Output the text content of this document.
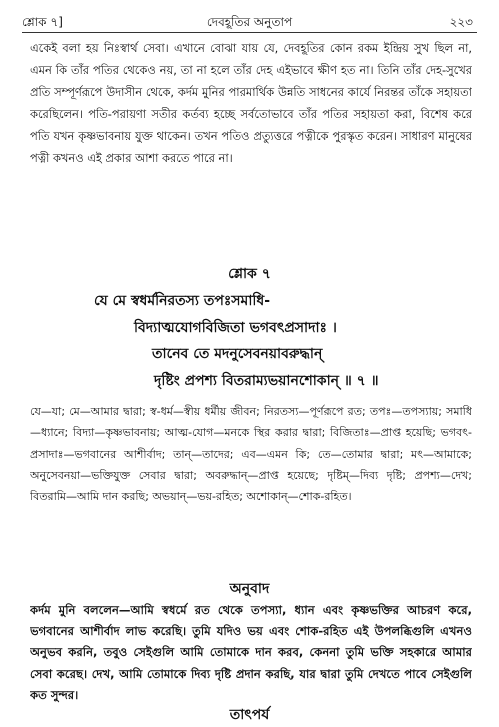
শ্লোক ৭]	দেবহূতির অনুতাপ	২২৩
একেই বলা হয় নিঃস্বার্থ সেবা। এখানে বোঝা যায় যে, দেবহূতির কোন রকম ইন্দ্রিয় সুখ ছিল না, এমন কি তাঁর পতির থেকেও নয়, তা না হলে তাঁর দেহ এইভাবে ক্ষীণ হত না। তিনি তাঁর দেহ-সুখের প্রতি সম্পূর্ণরূপে উদাসীন থেকে, কর্দম মুনির পারমার্থিক উন্নতি সাধনের কার্যে নিরন্তর তাঁকে সহায়তা করেছিলেন। পতি-পরায়ণা সতীর কর্তব্য হচ্ছে সর্বতোভাবে তাঁর পতির সহায়তা করা, বিশেষ করে পতি যখন কৃষ্ণভাবনায় যুক্ত থাকেন। তখন পতিও প্রত্যুত্তরে পত্নীকে পুরস্কৃত করেন। সাধারণ মানুষের পত্নী কখনও এই প্রকার আশা করতে পারে না।
শ্লোক ৭
যে মে স্বধর্মনিরতস্য তপঃসমাধি-
বিদ্যাত্মযোগবিজিতা ভগবৎপ্রসাদাঃ ।
তানেব তে মদনুসেবনয়াবরুদ্ধান্
দৃষ্টিং প্রপশ্য বিতরাম্যভয়ানশোকান্ ॥ ৭ ॥
যে—যা; মে—আমার দ্বারা; স্ব-ধর্ম—স্বীয় ধর্মীয় জীবন; নিরতস্য—পূর্ণরূপে রত; তপঃ—তপস্যায়; সমাধি—ধ্যানে; বিদ্যা—কৃষ্ণভাবনায়; আত্ম-যোগ—মনকে স্থির করার দ্বারা; বিজিতাঃ—প্রাপ্ত হয়েছি; ভগবৎ-প্রসাদাঃ—ভগবানের আশীর্বাদ; তান্—তাদের; এব—এমন কি; তে—তোমার দ্বারা; মৎ—আমাকে; অনুসেবনয়া—ভক্তিযুক্ত সেবার দ্বারা; অবরুদ্ধান্—প্রাপ্ত হয়েছে; দৃষ্টিম্—দিব্য দৃষ্টি; প্রপশ্য—দেখ; বিতরামি—আমি দান করছি; অভয়ান্—ভয়-রহিত; অশোকান্—শোক-রহিত।
অনুবাদ
কর্দম মুনি বললেন—আমি স্বধর্মে রত থেকে তপস্যা, ধ্যান এবং কৃষ্ণভক্তির আচরণ করে, ভগবানের আশীর্বাদ লাভ করেছি। তুমি যদিও ভয় এবং শোক-রহিত এই উপলব্ধিগুলি এখনও অনুভব করনি, তবুও সেইগুলি আমি তোমাকে দান করব, কেননা তুমি ভক্তি সহকারে আমার সেবা করেছ। দেখ, আমি তোমাকে দিব্য দৃষ্টি প্রদান করছি, যার দ্বারা তুমি দেখতে পাবে সেইগুলি কত সুন্দর।
তাৎপর্য
